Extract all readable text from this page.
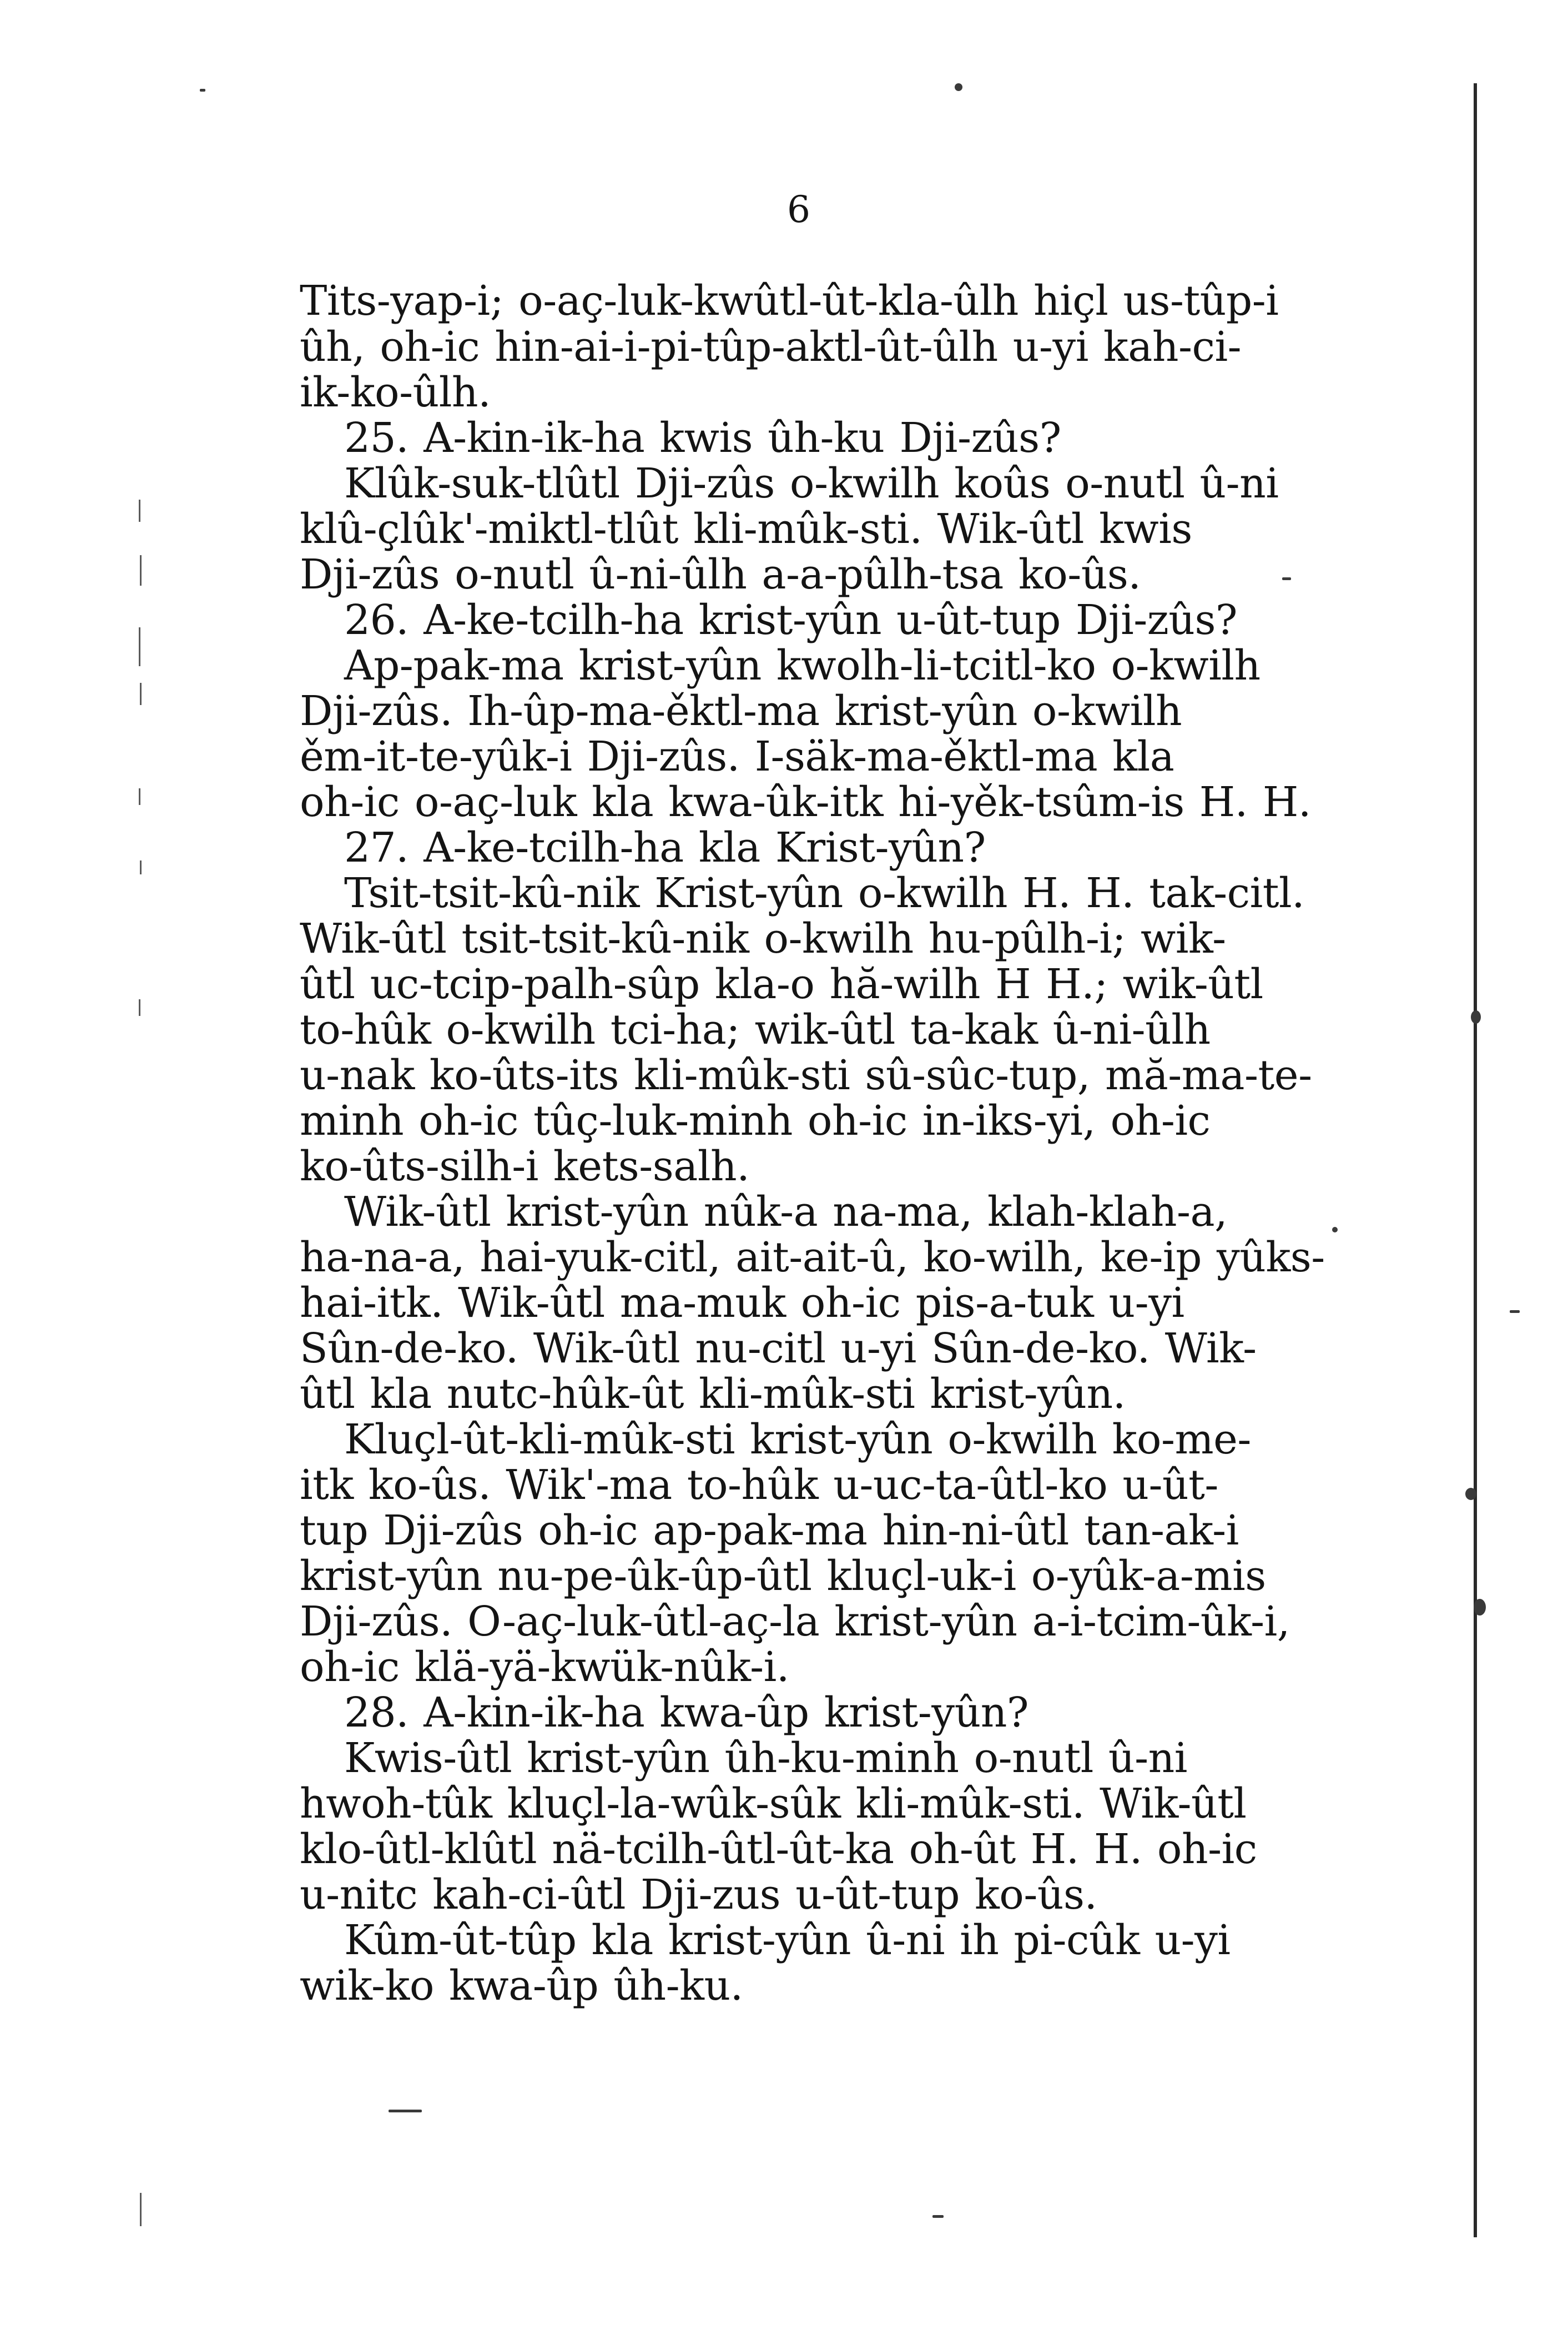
6
Tits-yap-i; o-aç-luk-kwûtl-ût-kla-ûlh hiçl us-tûp-i
ûh, oh-ic hin-ai-i-pi-tûp-aktl-ût-ûlh u-yi kah-ci-
ik-ko-ûlh.
25. A-kin-ik-ha kwis ûh-ku Dji-zûs?
Klûk-suk-tlûtl Dji-zûs o-kwilh koûs o-nutl û-ni
klû-çlûk'-miktl-tlût kli-mûk-sti. Wik-ûtl kwis
Dji-zûs o-nutl û-ni-ûlh a-a-pûlh-tsa ko-ûs.
26. A-ke-tcilh-ha krist-yûn u-ût-tup Dji-zûs?
Ap-pak-ma krist-yûn kwolh-li-tcitl-ko o-kwilh
Dji-zûs. Ih-ûp-ma-ěktl-ma krist-yûn o-kwilh
ěm-it-te-yûk-i Dji-zûs. I-säk-ma-ěktl-ma kla
oh-ic o-aç-luk kla kwa-ûk-itk hi-yěk-tsûm-is H. H.
27. A-ke-tcilh-ha kla Krist-yûn?
Tsit-tsit-kû-nik Krist-yûn o-kwilh H. H. tak-citl.
Wik-ûtl tsit-tsit-kû-nik o-kwilh hu-pûlh-i; wik-
ûtl uc-tcip-palh-sûp kla-o hă-wilh H H.; wik-ûtl
to-hûk o-kwilh tci-ha; wik-ûtl ta-kak û-ni-ûlh
u-nak ko-ûts-its kli-mûk-sti sû-sûc-tup, mă-ma-te-
minh oh-ic tûç-luk-minh oh-ic in-iks-yi, oh-ic
ko-ûts-silh-i kets-salh.
Wik-ûtl krist-yûn nûk-a na-ma, klah-klah-a,
ha-na-a, hai-yuk-citl, ait-ait-û, ko-wilh, ke-ip yûks-
hai-itk. Wik-ûtl ma-muk oh-ic pis-a-tuk u-yi
Sûn-de-ko. Wik-ûtl nu-citl u-yi Sûn-de-ko. Wik-
ûtl kla nutc-hûk-ût kli-mûk-sti krist-yûn.
Kluçl-ût-kli-mûk-sti krist-yûn o-kwilh ko-me-
itk ko-ûs. Wik'-ma to-hûk u-uc-ta-ûtl-ko u-ût-
tup Dji-zûs oh-ic ap-pak-ma hin-ni-ûtl tan-ak-i
krist-yûn nu-pe-ûk-ûp-ûtl kluçl-uk-i o-yûk-a-mis
Dji-zûs. O-aç-luk-ûtl-aç-la krist-yûn a-i-tcim-ûk-i,
oh-ic klä-yä-kwük-nûk-i.
28. A-kin-ik-ha kwa-ûp krist-yûn?
Kwis-ûtl krist-yûn ûh-ku-minh o-nutl û-ni
hwoh-tûk kluçl-la-wûk-sûk kli-mûk-sti. Wik-ûtl
klo-ûtl-klûtl nä-tcilh-ûtl-ût-ka oh-ût H. H. oh-ic
u-nitc kah-ci-ûtl Dji-zus u-ût-tup ko-ûs.
Kûm-ût-tûp kla krist-yûn û-ni ih pi-cûk u-yi
wik-ko kwa-ûp ûh-ku.
